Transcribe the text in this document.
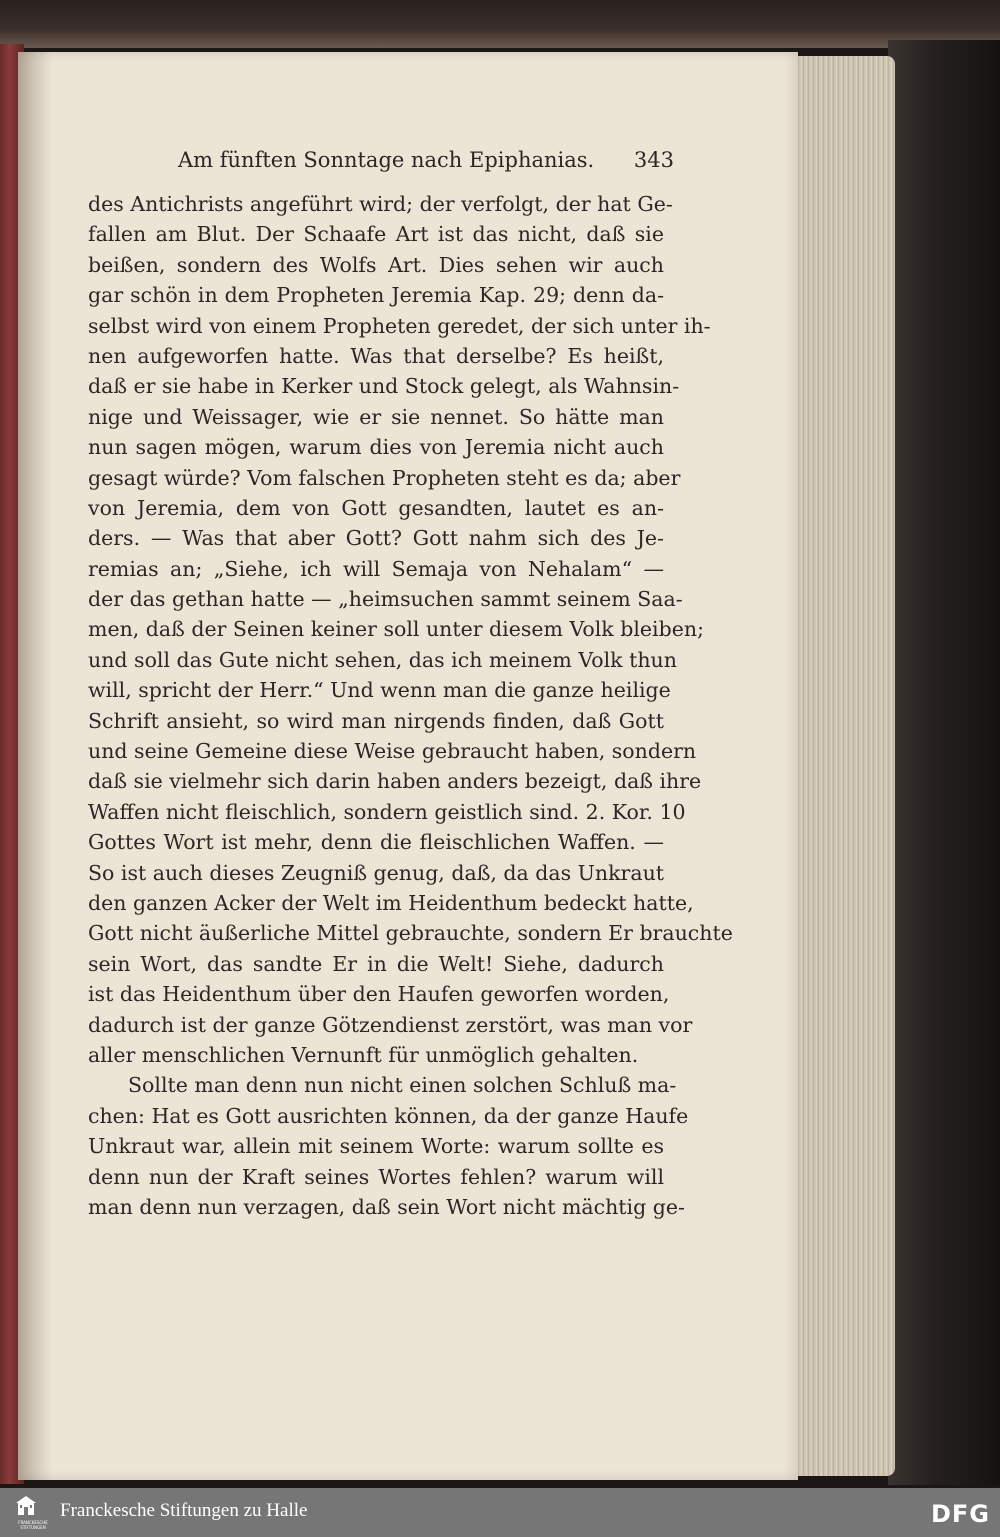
Am fünften Sonntage nach Epiphanias. 343
des Antichrists angeführt wird; der verfolgt, der hat Ge-
fallen am Blut. Der Schaafe Art ist das nicht, daß sie
beißen, sondern des Wolfs Art. Dies sehen wir auch
gar schön in dem Propheten Jeremia Kap. 29; denn da-
selbst wird von einem Propheten geredet, der sich unter ih-
nen aufgeworfen hatte. Was that derselbe? Es heißt,
daß er sie habe in Kerker und Stock gelegt, als Wahnsin-
nige und Weissager, wie er sie nennet. So hätte man
nun sagen mögen, warum dies von Jeremia nicht auch
gesagt würde? Vom falschen Propheten steht es da; aber
von Jeremia, dem von Gott gesandten, lautet es an-
ders. — Was that aber Gott? Gott nahm sich des Je-
remias an; „Siehe, ich will Semaja von Nehalam“ —
der das gethan hatte — „heimsuchen sammt seinem Saa-
men, daß der Seinen keiner soll unter diesem Volk bleiben;
und soll das Gute nicht sehen, das ich meinem Volk thun
will, spricht der Herr.“ Und wenn man die ganze heilige
Schrift ansieht, so wird man nirgends finden, daß Gott
und seine Gemeine diese Weise gebraucht haben, sondern
daß sie vielmehr sich darin haben anders bezeigt, daß ihre
Waffen nicht fleischlich, sondern geistlich sind. 2. Kor. 10
Gottes Wort ist mehr, denn die fleischlichen Waffen. —
So ist auch dieses Zeugniß genug, daß, da das Unkraut
den ganzen Acker der Welt im Heidenthum bedeckt hatte,
Gott nicht äußerliche Mittel gebrauchte, sondern Er brauchte
sein Wort, das sandte Er in die Welt! Siehe, dadurch
ist das Heidenthum über den Haufen geworfen worden,
dadurch ist der ganze Götzendienst zerstört, was man vor
aller menschlichen Vernunft für unmöglich gehalten.
Sollte man denn nun nicht einen solchen Schluß ma-
chen: Hat es Gott ausrichten können, da der ganze Haufe
Unkraut war, allein mit seinem Worte: warum sollte es
denn nun der Kraft seines Wortes fehlen? warum will
man denn nun verzagen, daß sein Wort nicht mächtig ge-
FRANCKESCHE STIFTUNGEN
Franckesche Stiftungen zu Halle	DFG
